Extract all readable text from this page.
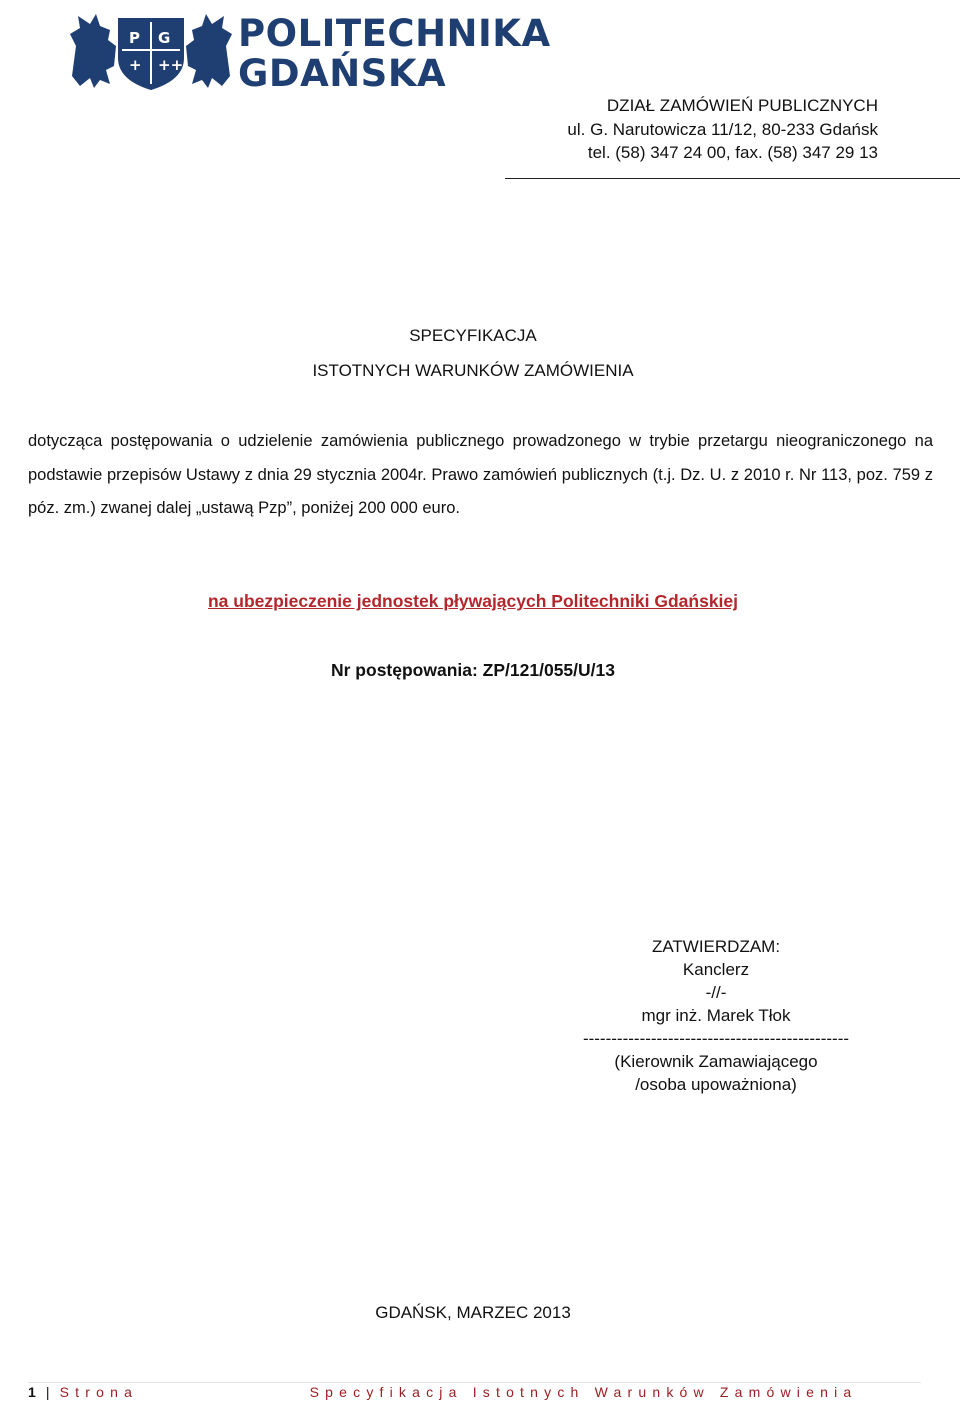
P G
+ ++
POLITECHNIKA
GDAŃSKA
DZIAŁ ZAMÓWIEŃ PUBLICZNYCH
ul. G. Narutowicza 11/12, 80-233 Gdańsk
tel. (58) 347 24 00, fax. (58) 347 29 13
SPECYFIKACJA
ISTOTNYCH WARUNKÓW ZAMÓWIENIA
dotycząca postępowania o udzielenie zamówienia publicznego prowadzonego w trybie przetargu nieograniczonego na podstawie przepisów Ustawy z dnia 29 stycznia 2004r. Prawo zamówień publicznych (t.j. Dz. U. z 2010 r. Nr 113, poz. 759 z póz. zm.) zwanej dalej „ustawą Pzp”, poniżej 200 000 euro.
na ubezpieczenie jednostek pływających Politechniki Gdańskiej
Nr postępowania: ZP/121/055/U/13
ZATWIERDZAM:
Kanclerz
-//-
mgr inż. Marek Tłok
-----------------------------------------------
(Kierownik Zamawiającego
/osoba upoważniona)
GDAŃSK, MARZEC 2013
1 | Strona	Specyfikacja Istotnych Warunków Zamówienia
